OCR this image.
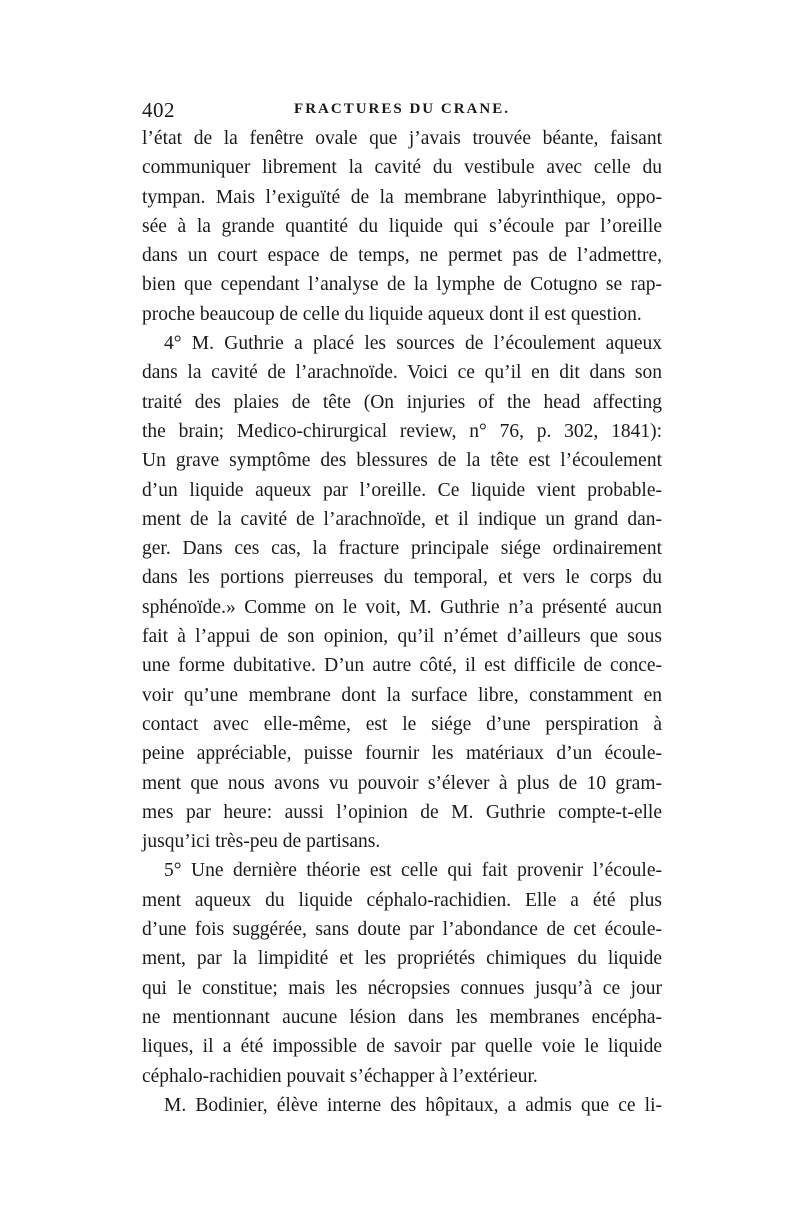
402	FRACTURES DU CRANE.
l’état de la fenêtre ovale que j’avais trouvée béante, faisant
communiquer librement la cavité du vestibule avec celle du
tympan. Mais l’exiguïté de la membrane labyrinthique, oppo-
sée à la grande quantité du liquide qui s’écoule par l’oreille
dans un court espace de temps, ne permet pas de l’admettre,
bien que cependant l’analyse de la lymphe de Cotugno se rap-
proche beaucoup de celle du liquide aqueux dont il est question.
4° M. Guthrie a placé les sources de l’écoulement aqueux
dans la cavité de l’arachnoïde. Voici ce qu’il en dit dans son
traité des plaies de tête (On injuries of the head affecting
the brain; Medico-chirurgical review, n° 76, p. 302, 1841):
Un grave symptôme des blessures de la tête est l’écoulement
d’un liquide aqueux par l’oreille. Ce liquide vient probable-
ment de la cavité de l’arachnoïde, et il indique un grand dan-
ger. Dans ces cas, la fracture principale siége ordinairement
dans les portions pierreuses du temporal, et vers le corps du
sphénoïde.» Comme on le voit, M. Guthrie n’a présenté aucun
fait à l’appui de son opinion, qu’il n’émet d’ailleurs que sous
une forme dubitative. D’un autre côté, il est difficile de conce-
voir qu’une membrane dont la surface libre, constamment en
contact avec elle-même, est le siége d’une perspiration à
peine appréciable, puisse fournir les matériaux d’un écoule-
ment que nous avons vu pouvoir s’élever à plus de 10 gram-
mes par heure: aussi l’opinion de M. Guthrie compte-t-elle
jusqu’ici très-peu de partisans.
5° Une dernière théorie est celle qui fait provenir l’écoule-
ment aqueux du liquide céphalo-rachidien. Elle a été plus
d’une fois suggérée, sans doute par l’abondance de cet écoule-
ment, par la limpidité et les propriétés chimiques du liquide
qui le constitue; mais les nécropsies connues jusqu’à ce jour
ne mentionnant aucune lésion dans les membranes encépha-
liques, il a été impossible de savoir par quelle voie le liquide
céphalo-rachidien pouvait s’échapper à l’extérieur.
M. Bodinier, élève interne des hôpitaux, a admis que ce li-
